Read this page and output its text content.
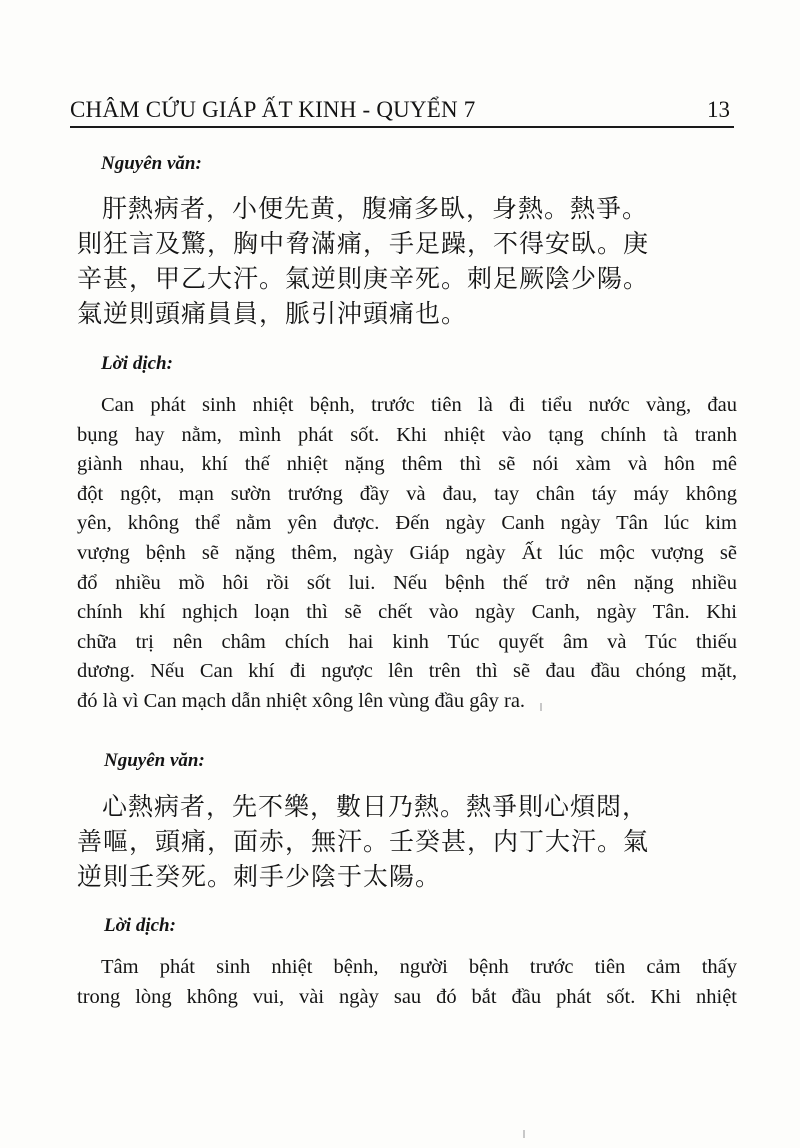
CHÂM CỨU GIÁP ẤT KINH - QUYỂN 7	13
Nguyên văn:
肝熱病者，小便先黄，腹痛多臥，身熱。熱爭。
則狂言及驚，胸中脅滿痛，手足躁，不得安臥。庚
辛甚，甲乙大汗。氣逆則庚辛死。刺足厥陰少陽。
氣逆則頭痛員員，脈引沖頭痛也。
Lời dịch:
Can phát sinh nhiệt bệnh, trước tiên là đi tiểu nước vàng, đau
bụng hay nằm, mình phát sốt. Khi nhiệt vào tạng chính tà tranh
giành nhau, khí thế nhiệt nặng thêm thì sẽ nói xàm và hôn mê
đột ngột, mạn sườn trướng đầy và đau, tay chân táy máy không
yên, không thể nằm yên được. Đến ngày Canh ngày Tân lúc kim
vượng bệnh sẽ nặng thêm, ngày Giáp ngày Ất lúc mộc vượng sẽ
đổ nhiều mồ hôi rồi sốt lui. Nếu bệnh thế trở nên nặng nhiều
chính khí nghịch loạn thì sẽ chết vào ngày Canh, ngày Tân. Khi
chữa trị nên châm chích hai kinh Túc quyết âm và Túc thiếu
dương. Nếu Can khí đi ngược lên trên thì sẽ đau đầu chóng mặt,
đó là vì Can mạch dẫn nhiệt xông lên vùng đầu gây ra.
Nguyên văn:
心熱病者，先不樂，數日乃熱。熱爭則心煩悶，
善嘔，頭痛，面赤，無汗。壬癸甚，内丁大汗。氣
逆則壬癸死。刺手少陰于太陽。
Lời dịch:
Tâm phát sinh nhiệt bệnh, người bệnh trước tiên cảm thấy
trong lòng không vui, vài ngày sau đó bắt đầu phát sốt. Khi nhiệt
